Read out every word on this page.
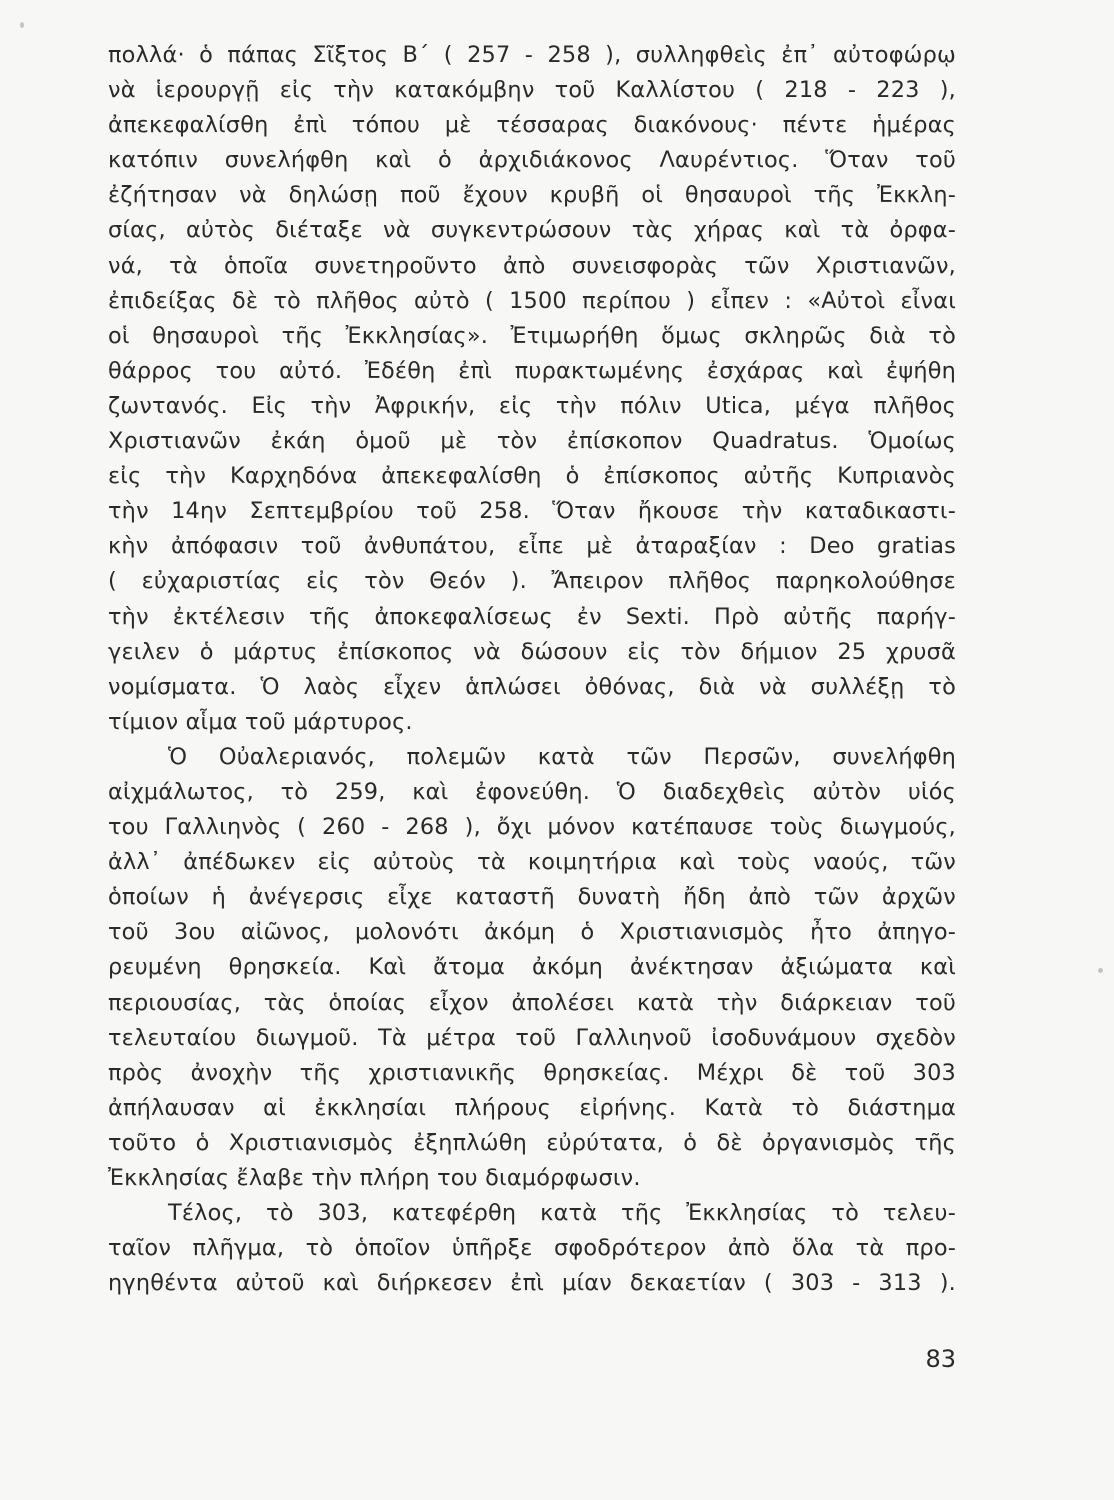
πολλά· ὁ πάπας Σῖξτος Β΄ ( 257 - 258 ), συλληφθεὶς ἐπ᾽ αὐτοφώρῳ
νὰ ἱερουργῇ εἰς τὴν κατακόμβην τοῦ Καλλίστου ( 218 - 223 ),
ἀπεκεφαλίσθη ἐπὶ τόπου μὲ τέσσαρας διακόνους· πέντε ἡμέρας
κατόπιν συνελήφθη καὶ ὁ ἀρχιδιάκονος Λαυρέντιος. Ὅταν τοῦ
ἐζήτησαν νὰ δηλώσῃ ποῦ ἔχουν κρυβῆ οἱ θησαυροὶ τῆς Ἐκκλη-
σίας, αὐτὸς διέταξε νὰ συγκεντρώσουν τὰς χήρας καὶ τὰ ὀρφα-
νά, τὰ ὁποῖα συνετηροῦντο ἀπὸ συνεισφορὰς τῶν Χριστιανῶν,
ἐπιδείξας δὲ τὸ πλῆθος αὐτὸ ( 1500 περίπου ) εἶπεν : «Αὐτοὶ εἶναι
οἱ θησαυροὶ τῆς Ἐκκλησίας». Ἐτιμωρήθη ὅμως σκληρῶς διὰ τὸ
θάρρος του αὐτό. Ἐδέθη ἐπὶ πυρακτωμένης ἐσχάρας καὶ ἐψήθη
ζωντανός. Εἰς τὴν Ἀφρικήν, εἰς τὴν πόλιν Utica, μέγα πλῆθος
Χριστιανῶν ἐκάη ὁμοῦ μὲ τὸν ἐπίσκοπον Quadratus. Ὁμοίως
εἰς τὴν Καρχηδόνα ἀπεκεφαλίσθη ὁ ἐπίσκοπος αὐτῆς Κυπριανὸς
τὴν 14ην Σεπτεμβρίου τοῦ 258. Ὅταν ἤκουσε τὴν καταδικαστι-
κὴν ἀπόφασιν τοῦ ἀνθυπάτου, εἶπε μὲ ἀταραξίαν : Deo gratias
( εὐχαριστίας εἰς τὸν Θεόν ). Ἄπειρον πλῆθος παρηκολούθησε
τὴν ἐκτέλεσιν τῆς ἀποκεφαλίσεως ἐν Sexti. Πρὸ αὐτῆς παρήγ-
γειλεν ὁ μάρτυς ἐπίσκοπος νὰ δώσουν εἰς τὸν δήμιον 25 χρυσᾶ
νομίσματα. Ὁ λαὸς εἶχεν ἁπλώσει ὀθόνας, διὰ νὰ συλλέξῃ τὸ
τίμιον αἷμα τοῦ μάρτυρος.
Ὁ Οὐαλεριανός, πολεμῶν κατὰ τῶν Περσῶν, συνελήφθη
αἰχμάλωτος, τὸ 259, καὶ ἐφονεύθη. Ὁ διαδεχθεὶς αὐτὸν υἱός
του Γαλλιηνὸς ( 260 - 268 ), ὄχι μόνον κατέπαυσε τοὺς διωγμούς,
ἀλλ᾽ ἀπέδωκεν εἰς αὐτοὺς τὰ κοιμητήρια καὶ τοὺς ναούς, τῶν
ὁποίων ἡ ἀνέγερσις εἶχε καταστῆ δυνατὴ ἤδη ἀπὸ τῶν ἀρχῶν
τοῦ 3ου αἰῶνος, μολονότι ἀκόμη ὁ Χριστιανισμὸς ἦτο ἀπηγο-
ρευμένη θρησκεία. Καὶ ἄτομα ἀκόμη ἀνέκτησαν ἀξιώματα καὶ
περιουσίας, τὰς ὁποίας εἶχον ἀπολέσει κατὰ τὴν διάρκειαν τοῦ
τελευταίου διωγμοῦ. Τὰ μέτρα τοῦ Γαλλιηνοῦ ἰσοδυνάμουν σχεδὸν
πρὸς ἀνοχὴν τῆς χριστιανικῆς θρησκείας. Μέχρι δὲ τοῦ 303
ἀπήλαυσαν αἱ ἐκκλησίαι πλήρους εἰρήνης. Κατὰ τὸ διάστημα
τοῦτο ὁ Χριστιανισμὸς ἐξηπλώθη εὐρύτατα, ὁ δὲ ὀργανισμὸς τῆς
Ἐκκλησίας ἔλαβε τὴν πλήρη του διαμόρφωσιν.
Τέλος, τὸ 303, κατεφέρθη κατὰ τῆς Ἐκκλησίας τὸ τελευ-
ταῖον πλῆγμα, τὸ ὁποῖον ὑπῆρξε σφοδρότερον ἀπὸ ὅλα τὰ προ-
ηγηθέντα αὐτοῦ καὶ διήρκεσεν ἐπὶ μίαν δεκαετίαν ( 303 - 313 ).
83
